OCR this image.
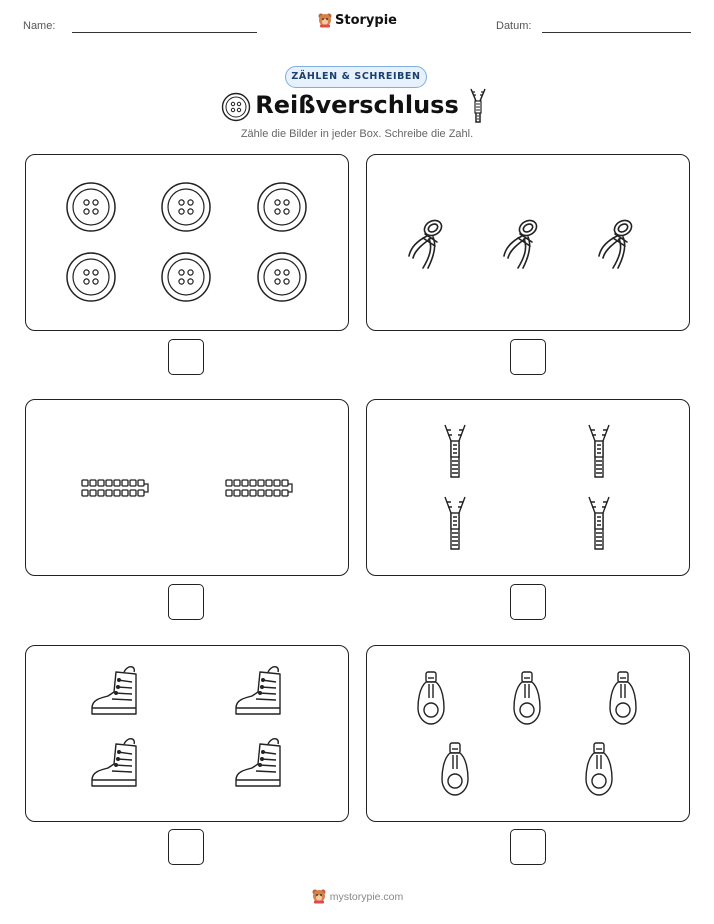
Name:	Datum:
Storypie
ZÄHLEN & SCHREIBEN
Reißverschluss
Zähle die Bilder in jeder Box. Schreibe die Zahl.
mystorypie.com
